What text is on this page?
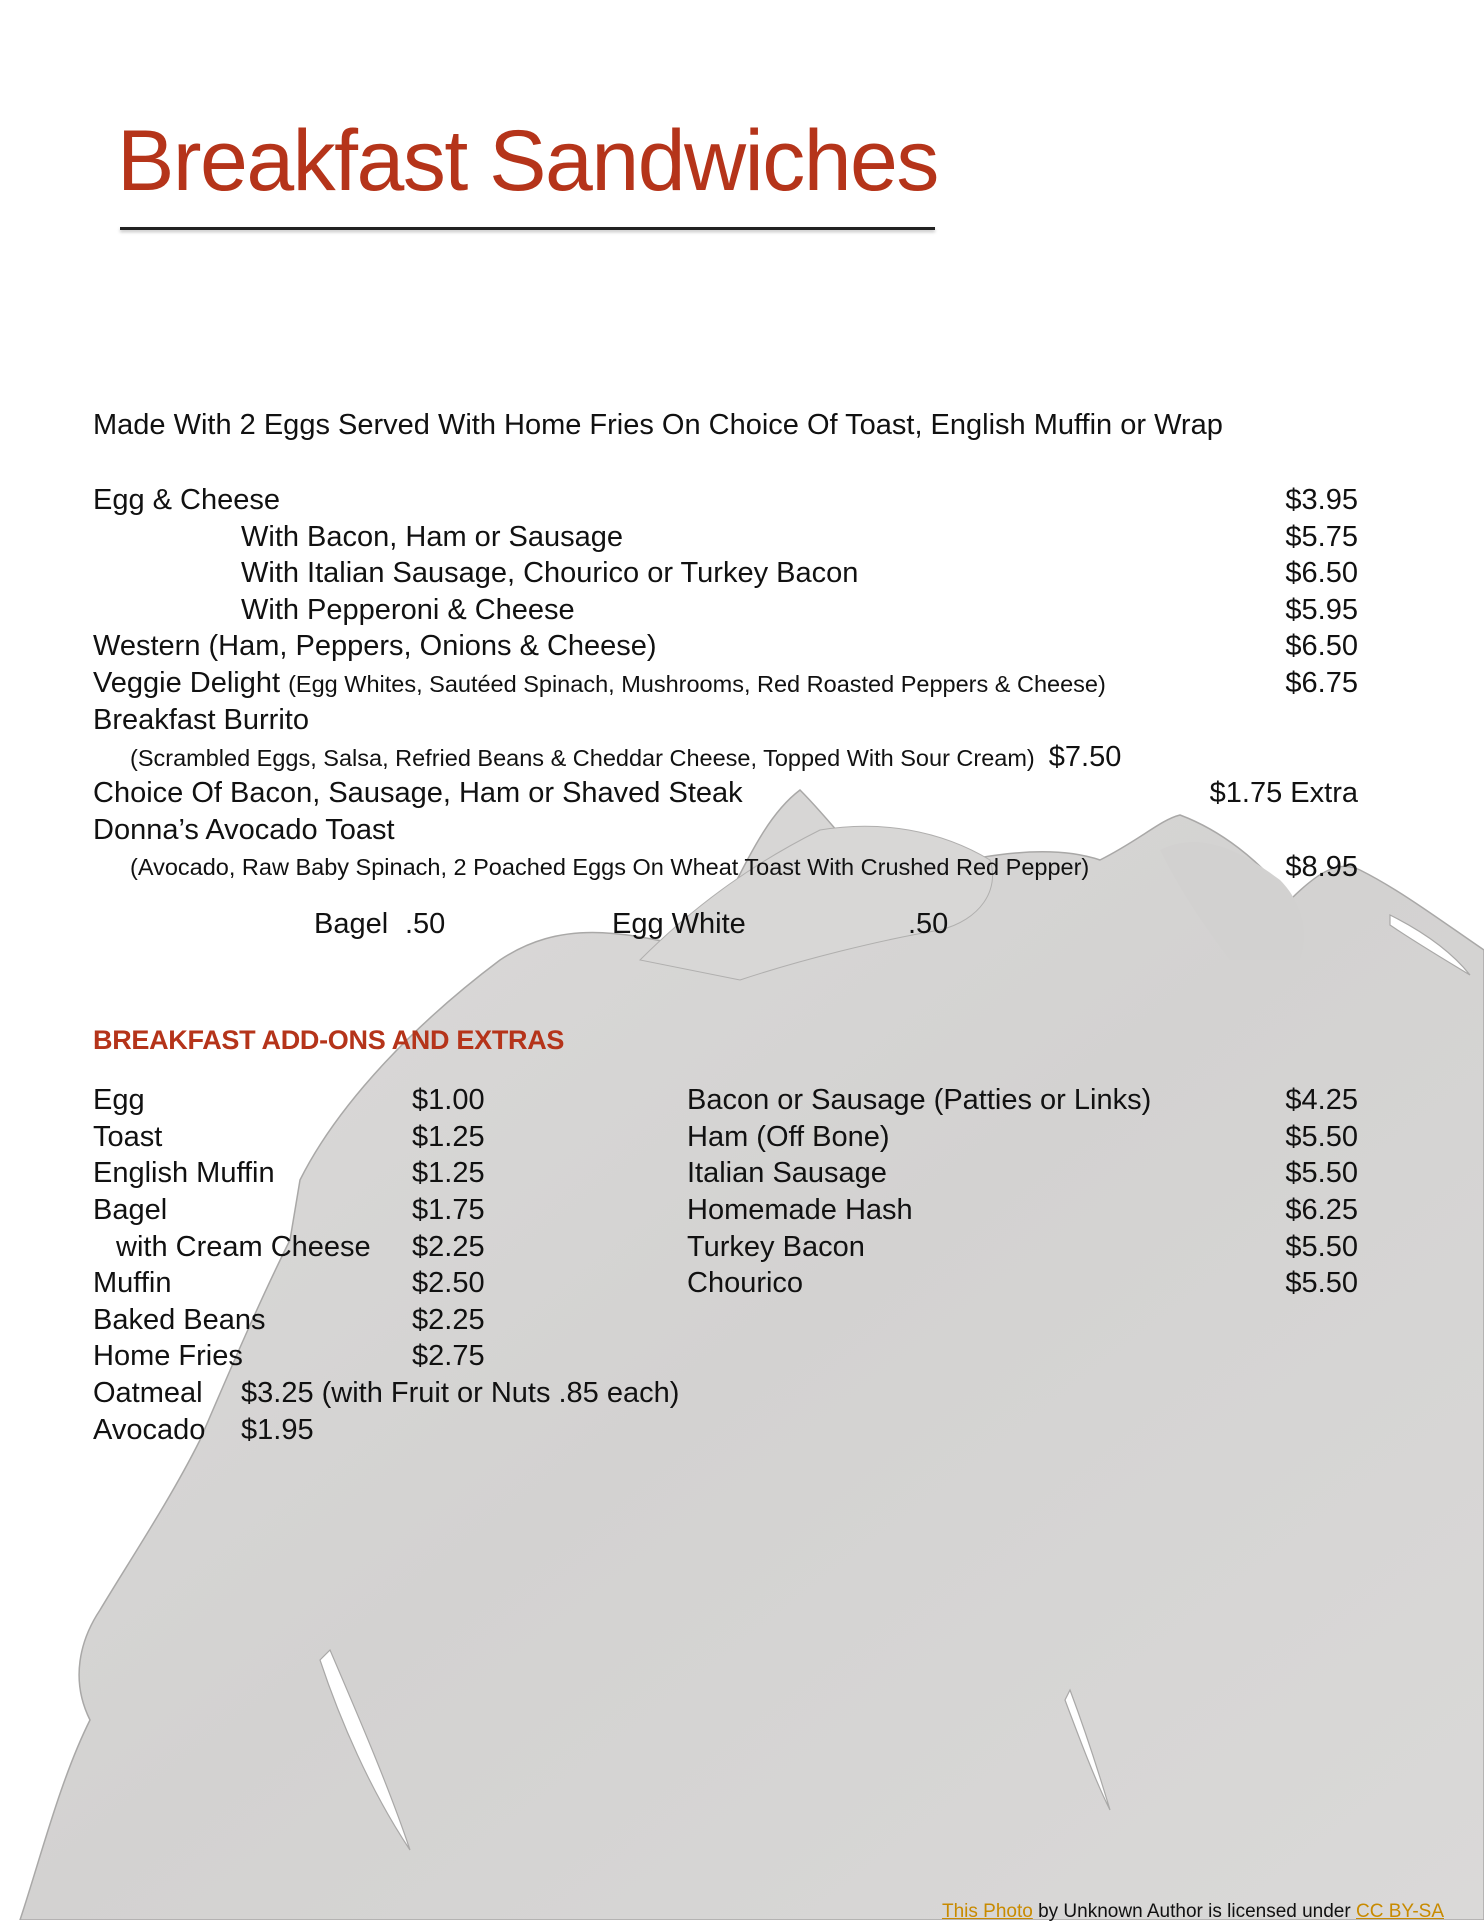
Breakfast Sandwiches
Made With 2 Eggs Served With Home Fries On Choice Of Toast, English Muffin or Wrap
Egg & Cheese	$3.95
With Bacon, Ham or Sausage	$5.75
With Italian Sausage, Chourico or Turkey Bacon	$6.50
With Pepperoni & Cheese	$5.95
Western (Ham, Peppers, Onions & Cheese)	$6.50
Veggie Delight (Egg Whites, Sautéed Spinach, Mushrooms, Red Roasted Peppers & Cheese)	$6.75
Breakfast Burrito
(Scrambled Eggs, Salsa, Refried Beans & Cheddar Cheese, Topped With Sour Cream) $7.50
Choice Of Bacon, Sausage, Ham or Shaved Steak	$1.75 Extra
Donna’s Avocado Toast
(Avocado, Raw Baby Spinach, 2 Poached Eggs On Wheat Toast With Crushed Red Pepper)	$8.95
Bagel .50	Egg White	.50
BREAKFAST ADD-ONS AND EXTRAS
Egg	$1.00
Toast	$1.25
English Muffin	$1.25
Bagel	$1.75
with Cream Cheese $2.25
Muffin	$2.50
Baked Beans	$2.25
Home Fries	$2.75
Oatmeal $3.25 (with Fruit or Nuts .85 each)
Avocado $1.95
Bacon or Sausage (Patties or Links)	$4.25
Ham (Off Bone)	$5.50
Italian Sausage	$5.50
Homemade Hash	$6.25
Turkey Bacon	$5.50
Chourico	$5.50
This Photo by Unknown Author is licensed under CC BY-SA
